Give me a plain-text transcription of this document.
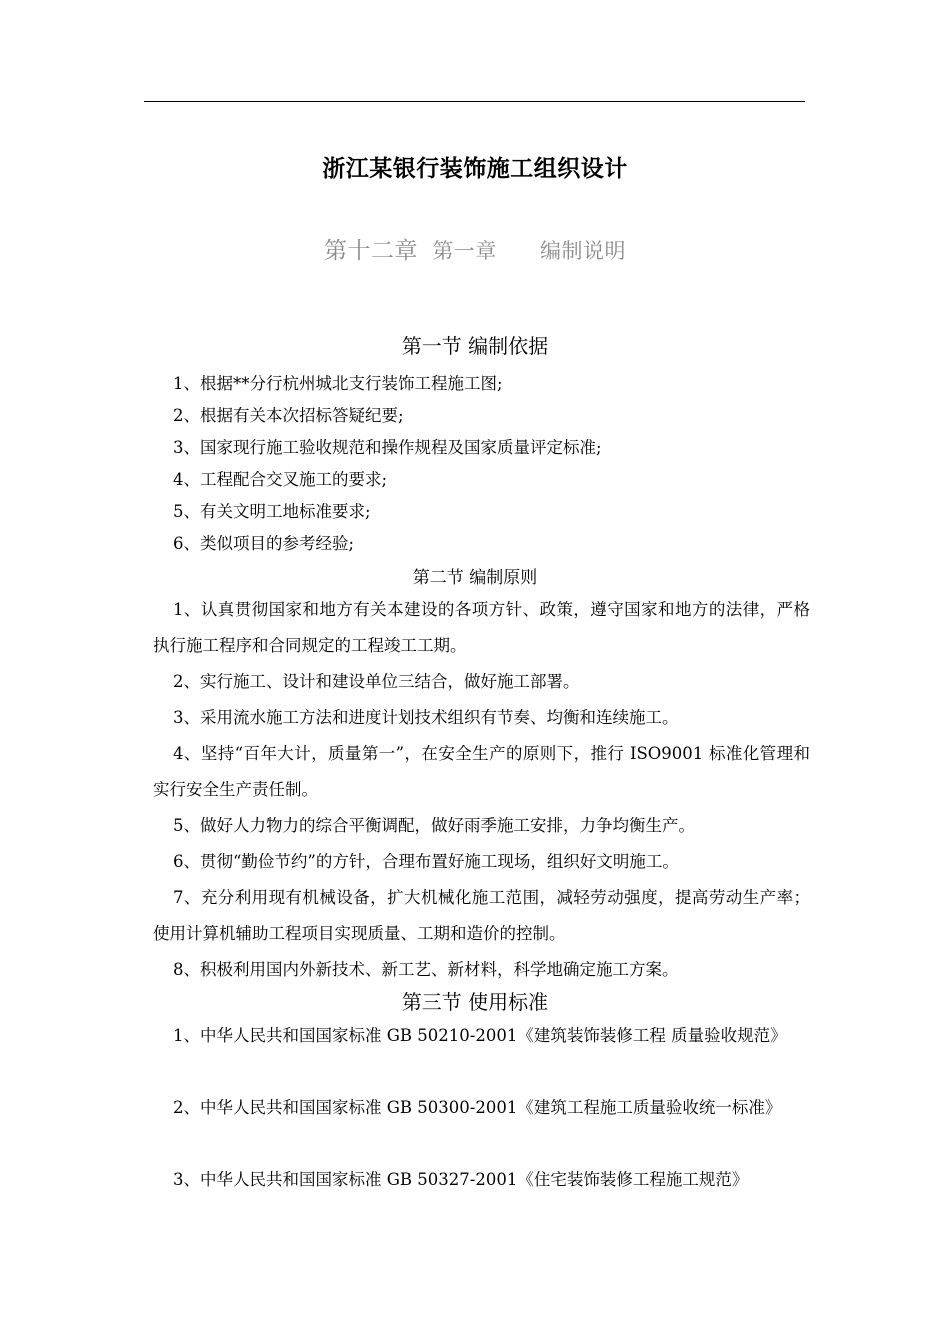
浙江某银行装饰施工组织设计
第十二章 第一章 编制说明
第一节 编制依据
1、根据**分行杭州城北支行装饰工程施工图;
2、根据有关本次招标答疑纪要;
3、国家现行施工验收规范和操作规程及国家质量评定标准;
4、工程配合交叉施工的要求;
5、有关文明工地标准要求;
6、类似项目的参考经验;
第二节 编制原则
1、认真贯彻国家和地方有关本建设的各项方针、政策，遵守国家和地方的法律，严格执行施工程序和合同规定的工程竣工工期。
2、实行施工、设计和建设单位三结合，做好施工部署。
3、采用流水施工方法和进度计划技术组织有节奏、均衡和连续施工。
4、坚持“百年大计，质量第一”，在安全生产的原则下，推行 ISO9001 标准化管理和实行安全生产责任制。
5、做好人力物力的综合平衡调配，做好雨季施工安排，力争均衡生产。
6、贯彻“勤俭节约”的方针，合理布置好施工现场，组织好文明施工。
7、充分利用现有机械设备，扩大机械化施工范围，减轻劳动强度，提高劳动生产率；使用计算机辅助工程项目实现质量、工期和造价的控制。
8、积极利用国内外新技术、新工艺、新材料，科学地确定施工方案。
第三节 使用标准
1、中华人民共和国国家标准 GB 50210-2001《建筑装饰装修工程 质量验收规范》
2、中华人民共和国国家标准 GB 50300-2001《建筑工程施工质量验收统一标准》
3、中华人民共和国国家标准 GB 50327-2001《住宅装饰装修工程施工规范》
